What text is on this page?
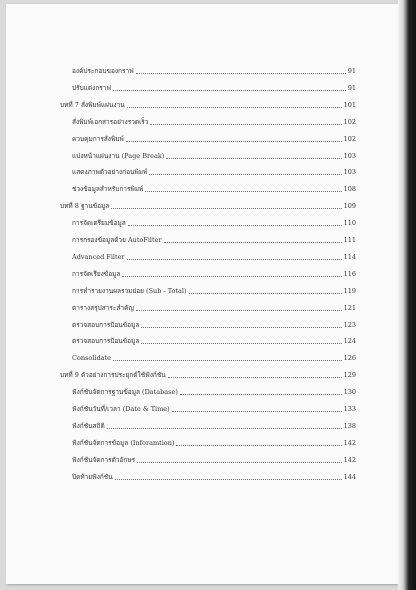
องค์ประกอบของกราฟ	91
ปรับแต่งกราฟ	91
บทที่ 7 สั่งพิมพ์แผ่นงาน	101
สั่งพิมพ์เอกสารอย่างรวดเร็ว	102
ควบคุมการสั่งพิมพ์	102
แบ่งหน้าแผ่นงาน (Page Break)	103
แสดงภาพตัวอย่างก่อนพิมพ์	103
ช่วงข้อมูลสำหรับการพิมพ์	108
บทที่ 8 ฐานข้อมูล	109
การจัดเตรียมข้อมูล	110
การกรองข้อมูลด้วย AutoFilter	111
Advanced Filter	114
การจัดเรียงข้อมูล	116
การทำรายงานผลรวมย่อย (Sub - Total)	119
ตารางสรุปสาระสำคัญ	121
ตรวจสอบการป้อนข้อมูล	123
ตรวจสอบการป้อนข้อมูล	124
Consolidate	126
บทที่ 9 ตัวอย่างการประยุกต์ใช้ฟังก์ชัน	129
ฟังก์ชันจัดการฐานข้อมูล (Database)	130
ฟังก์ชันวันที่/เวลา (Date & Time)	133
ฟังก์ชันสถิติ	138
ฟังก์ชันจัดการข้อมูล (Inforamtion)	142
ฟังก์ชันจัดการตัวอักษร	142
ปิดท้ายฟังก์ชัน	144
